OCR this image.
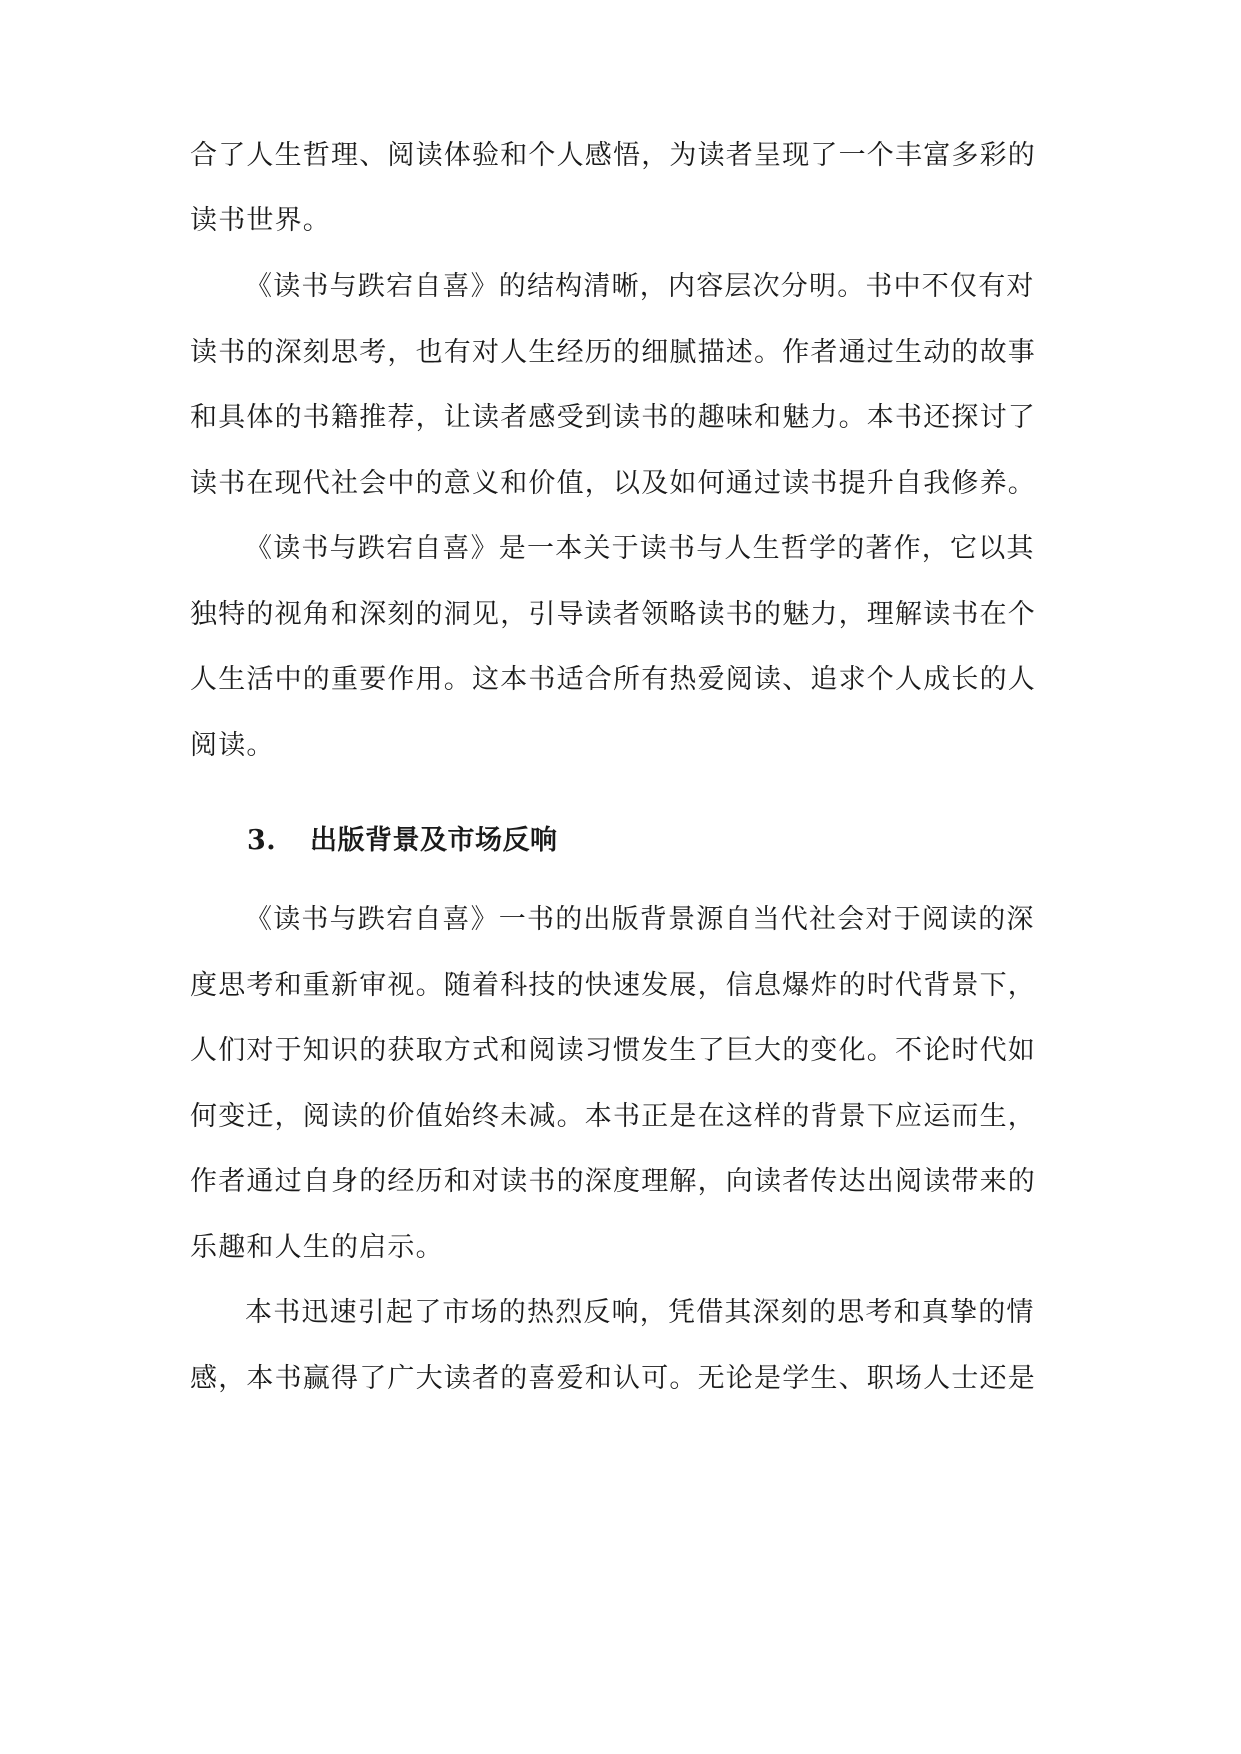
合了人生哲理、阅读体验和个人感悟，为读者呈现了一个丰富多彩的
读书世界。
《读书与跌宕自喜》的结构清晰，内容层次分明。书中不仅有对
读书的深刻思考，也有对人生经历的细腻描述。作者通过生动的故事
和具体的书籍推荐，让读者感受到读书的趣味和魅力。本书还探讨了
读书在现代社会中的意义和价值，以及如何通过读书提升自我修养。
《读书与跌宕自喜》是一本关于读书与人生哲学的著作，它以其
独特的视角和深刻的洞见，引导读者领略读书的魅力，理解读书在个
人生活中的重要作用。这本书适合所有热爱阅读、追求个人成长的人
阅读。
3. 出版背景及市场反响
《读书与跌宕自喜》一书的出版背景源自当代社会对于阅读的深
度思考和重新审视。随着科技的快速发展，信息爆炸的时代背景下，
人们对于知识的获取方式和阅读习惯发生了巨大的变化。不论时代如
何变迁，阅读的价值始终未减。本书正是在这样的背景下应运而生，
作者通过自身的经历和对读书的深度理解，向读者传达出阅读带来的
乐趣和人生的启示。
本书迅速引起了市场的热烈反响，凭借其深刻的思考和真挚的情
感，本书赢得了广大读者的喜爱和认可。无论是学生、职场人士还是
